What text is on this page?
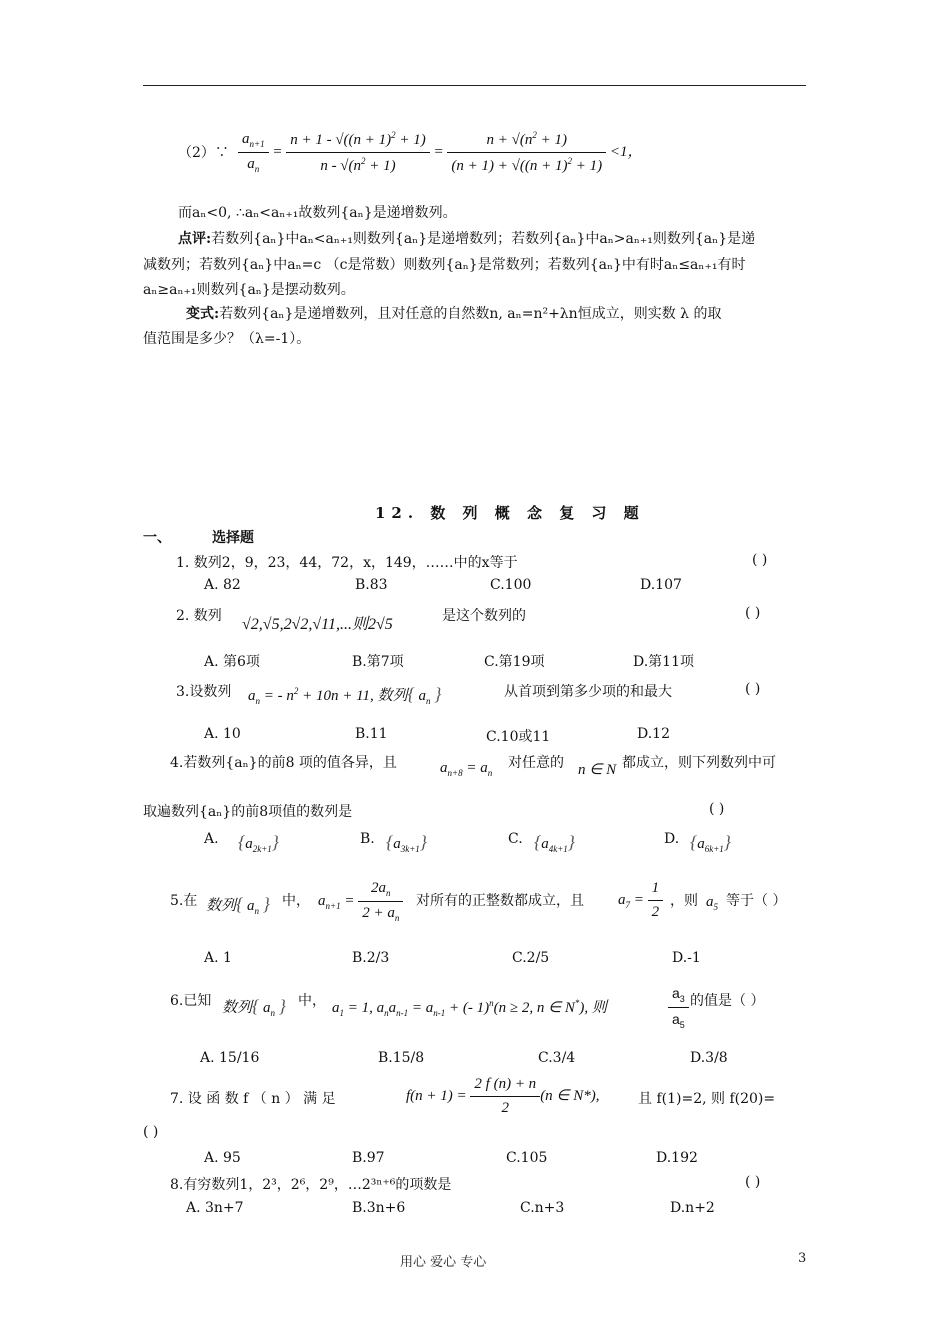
（2）∵ $\frac{a_{n+1}}{a_n} = \frac{n + 1 - √((n + 1)^2 + 1)}{n - √(n^2 + 1)} = \frac{n + √(n^2 + 1)}{(n + 1) + √((n + 1)^2 + 1)} <1$，
而aₙ<0, ∴aₙ<aₙ₊₁故数列{aₙ}是递增数列。
点评:若数列{aₙ}中aₙ<aₙ₊₁则数列{aₙ}是递增数列；若数列{aₙ}中aₙ>aₙ₊₁则数列{aₙ}是递
减数列；若数列{aₙ}中aₙ=c （c是常数）则数列{aₙ}是常数列；若数列{aₙ}中有时aₙ≤aₙ₊₁有时
aₙ≥aₙ₊₁则数列{aₙ}是摆动数列。
变式:若数列{aₙ}是递增数列，且对任意的自然数n, aₙ=n²+λn恒成立，则实数 λ 的取
值范围是多少？（λ=-1）。
12. 数 列 概 念 复 习 题
一、	选择题
1. 数列2，9，23，44，72，x，149，……中的x等于	( )
A. 82	B.83	C.100	D.107
2. 数列 √2,√5,2√2,√11,...则2√5	是这个数列的	( )
A. 第6项	B.第7项	C.第19项	D.第11项
3.设数列 $a_n$ = - $n^2 + 10n + 11$, 数列{ $a_n$ }	从首项到第多少项的和最大	( )
A. 10	B.11	C.10或11	D.12
4.若数列{aₙ}的前8 项的值各异，且	$a_{n+8} = a_n$
对任意的 n ∈ N 都成立，则下列数列中可
取遍数列{aₙ}的前8项值的数列是	( )
A. $\{a_{2k+1}\}$	B. $\{a_{3k+1}\}$	C. $\{a_{4k+1}\}$	D. $\{a_{6k+1}\}$
5.在 数列{ $a_n$ } 中， $a_{n+1} = \frac{2a_n}{2 + a_n}$ 对所有的正整数都成立，且 $a_7 = \frac{1}{2}$ ，则 $a_5$ 等于（ ）
A. 1	B.2/3	C.2/5	D.-1
6.已知 数列{ $a_n$ } 中， $a_1 = 1$, $a_na_{n-1} = a_{n-1}$ + (- 1)$^n$(n ≥ 2, n ∈ N*), 则	$\frac{a_3}{a_5}$ 的值是（ ）
A. 15/16	B.15/8	C.3/4	D.3/8
7. 设 函 数 f （ n ） 满 足	$f(n + 1) = \frac{2 f (n) + n}{2} (n$ ∈ N*),	且 f(1)=2, 则 f(20)=
( )
A. 95	B.97	C.105	D.192
8.有穷数列1，2³，2⁶，2⁹，…2³ⁿ⁺⁶的项数是	( )
A. 3n+7	B.3n+6	C.n+3	D.n+2
用心 爱心 专心	3
